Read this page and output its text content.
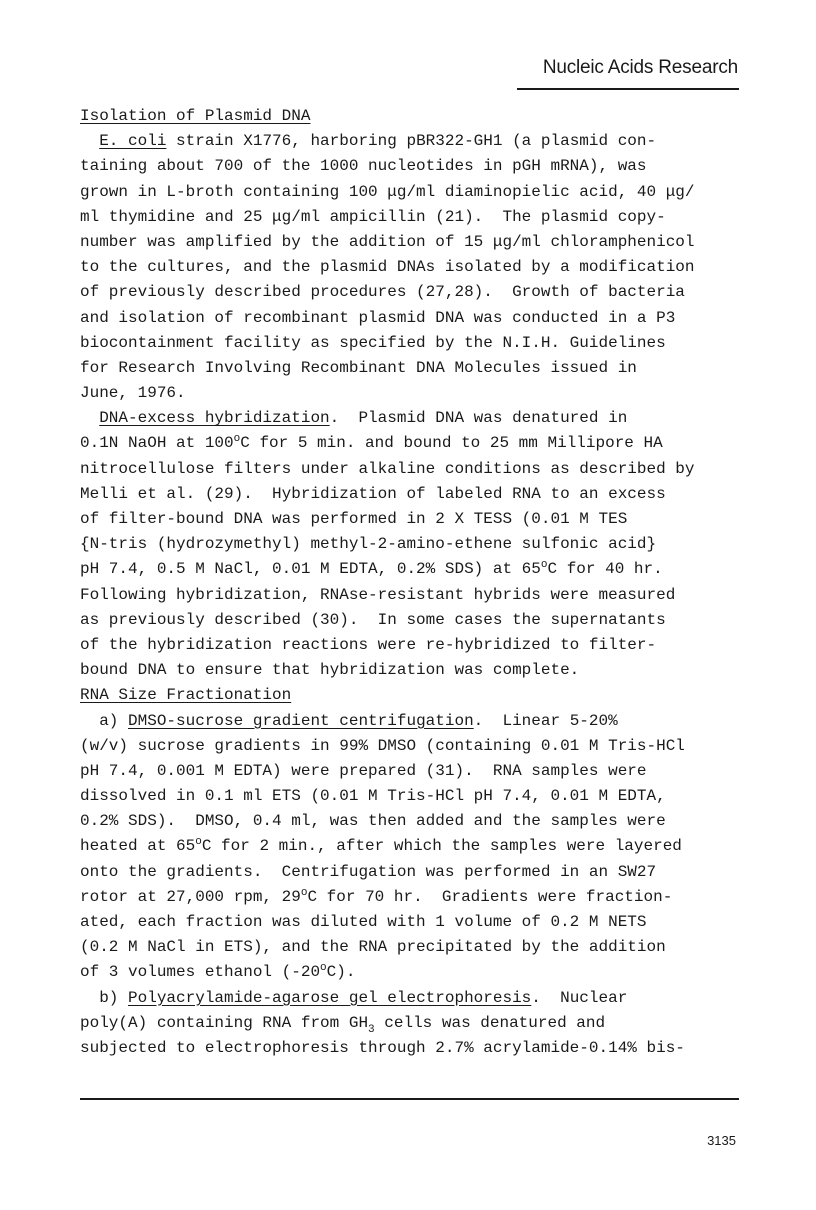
Nucleic Acids Research
Isolation of Plasmid DNA
E. coli strain X1776, harboring pBR322-GH1 (a plasmid con-
taining about 700 of the 1000 nucleotides in pGH mRNA), was
grown in L-broth containing 100 μg/ml diaminopielic acid, 40 μg/
ml thymidine and 25 μg/ml ampicillin (21).  The plasmid copy-
number was amplified by the addition of 15 μg/ml chloramphenicol
to the cultures, and the plasmid DNAs isolated by a modification
of previously described procedures (27,28).  Growth of bacteria
and isolation of recombinant plasmid DNA was conducted in a P3
biocontainment facility as specified by the N.I.H. Guidelines
for Research Involving Recombinant DNA Molecules issued in
June, 1976.
DNA-excess hybridization.  Plasmid DNA was denatured in
0.1N NaOH at 100$^o$C for 5 min. and bound to 25 mm Millipore HA
nitrocellulose filters under alkaline conditions as described by
Melli et al. (29).  Hybridization of labeled RNA to an excess
of filter-bound DNA was performed in 2 X TESS (0.01 M TES
{N-tris (hydrozymethyl) methyl-2-amino-ethene sulfonic acid}
pH 7.4, 0.5 M NaCl, 0.01 M EDTA, 0.2% SDS) at 65$^o$C for 40 hr.
Following hybridization, RNAse-resistant hybrids were measured
as previously described (30).  In some cases the supernatants
of the hybridization reactions were re-hybridized to filter-
bound DNA to ensure that hybridization was complete.
RNA Size Fractionation
a) DMSO-sucrose gradient centrifugation.  Linear 5-20%
(w/v) sucrose gradients in 99% DMSO (containing 0.01 M Tris-HCl
pH 7.4, 0.001 M EDTA) were prepared (31).  RNA samples were
dissolved in 0.1 ml ETS (0.01 M Tris-HCl pH 7.4, 0.01 M EDTA,
0.2% SDS).  DMSO, 0.4 ml, was then added and the samples were
heated at 65$^o$C for 2 min., after which the samples were layered
onto the gradients.  Centrifugation was performed in an SW27
rotor at 27,000 rpm, 29$^o$C for 70 hr.  Gradients were fraction-
ated, each fraction was diluted with 1 volume of 0.2 M NETS
(0.2 M NaCl in ETS), and the RNA precipitated by the addition
of 3 volumes ethanol (-20$^o$C).
b) Polyacrylamide-agarose gel electrophoresis.  Nuclear
poly(A) containing RNA from $GH_3$ cells was denatured and
subjected to electrophoresis through 2.7% acrylamide-0.14% bis-
3135
